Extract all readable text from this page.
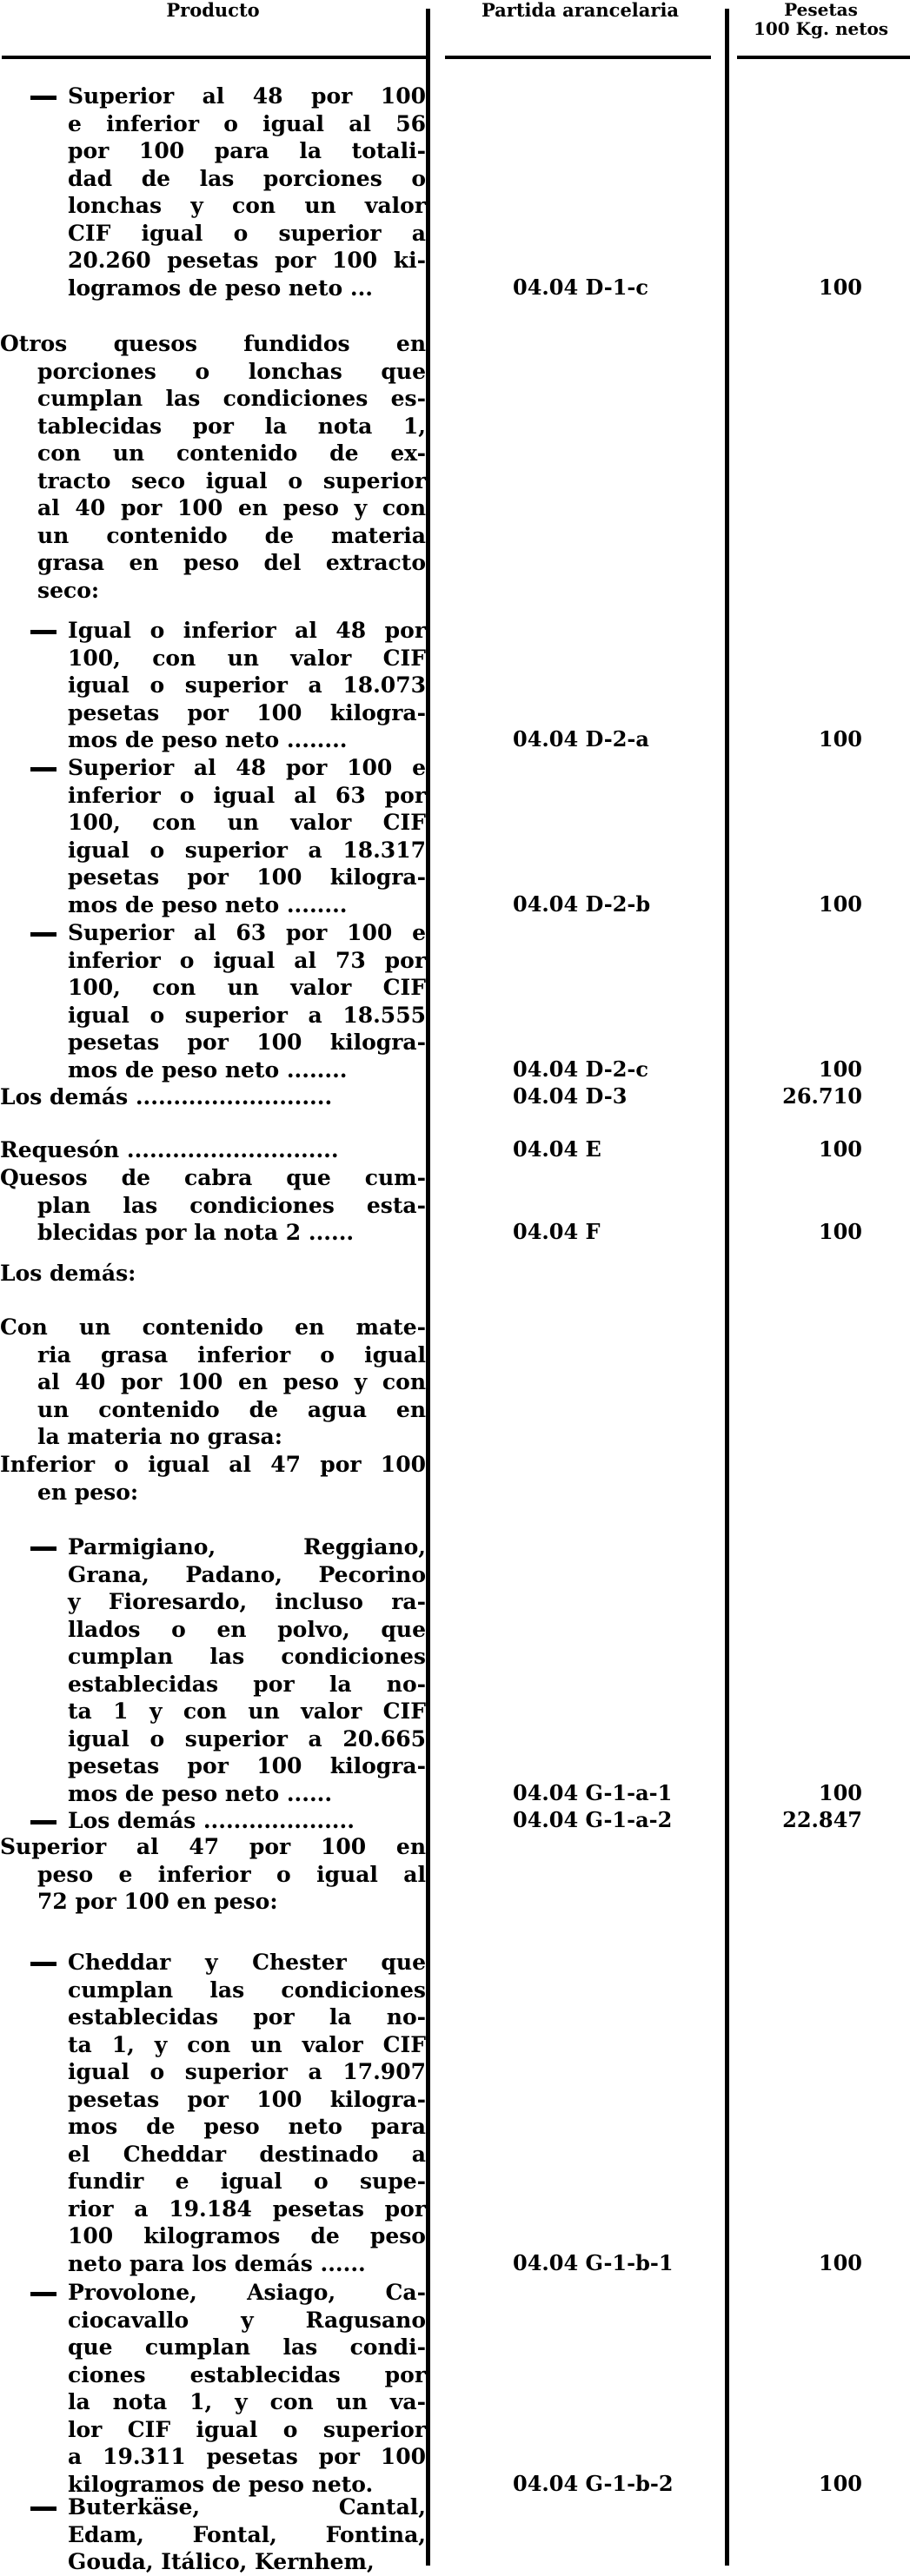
Producto	Partida arancelaria	Pesetas
100 Kg. netos
Superior al 48 por 100
e inferior o igual al 56
por 100 para la totali-
dad de las porciones o
lonchas y con un valor
CIF igual o superior a
20.260 pesetas por 100 ki-
logramos de peso neto ...	04.04 D-1-c	100
Otros quesos fundidos en
porciones o lonchas que
cumplan las condiciones es-
tablecidas por la nota 1,
con un contenido de ex-
tracto seco igual o superior
al 40 por 100 en peso y con
un contenido de materia
grasa en peso del extracto
seco:
Igual o inferior al 48 por
100, con un valor CIF
igual o superior a 18.073
pesetas por 100 kilogra-
mos de peso neto ........	04.04 D-2-a	100
Superior al 48 por 100 e
inferior o igual al 63 por
100, con un valor CIF
igual o superior a 18.317
pesetas por 100 kilogra-
mos de peso neto ........	04.04 D-2-b	100
Superior al 63 por 100 e
inferior o igual al 73 por
100, con un valor CIF
igual o superior a 18.555
pesetas por 100 kilogra-
mos de peso neto ........	04.04 D-2-c	100
Los demás ..........................	04.04 D-3	26.710
Requesón ............................	04.04 E	100
Quesos de cabra que cum-
plan las condiciones esta-
blecidas por la nota 2 ......	04.04 F	100
Los demás:
Con un contenido en mate-
ria grasa inferior o igual
al 40 por 100 en peso y con
un contenido de agua en
la materia no grasa:
Inferior o igual al 47 por 100
en peso:
Parmigiano, Reggiano,
Grana, Padano, Pecorino
y Fioresardo, incluso ra-
llados o en polvo, que
cumplan las condiciones
establecidas por la no-
ta 1 y con un valor CIF
igual o superior a 20.665
pesetas por 100 kilogra-
mos de peso neto ......	04.04 G-1-a-1	100
Los demás ....................	04.04 G-1-a-2	22.847
Superior al 47 por 100 en
peso e inferior o igual al
72 por 100 en peso:
Cheddar y Chester que
cumplan las condiciones
establecidas por la no-
ta 1, y con un valor CIF
igual o superior a 17.907
pesetas por 100 kilogra-
mos de peso neto para
el Cheddar destinado a
fundir e igual o supe-
rior a 19.184 pesetas por
100 kilogramos de peso
neto para los demás ......	04.04 G-1-b-1	100
Provolone, Asiago, Ca-
ciocavallo y Ragusano
que cumplan las condi-
ciones establecidas por
la nota 1, y con un va-
lor CIF igual o superior
a 19.311 pesetas por 100
kilogramos de peso neto.	04.04 G-1-b-2	100
Buterkäse, Cantal,
Edam, Fontal, Fontina,
Gouda, Itálico, Kernhem,
